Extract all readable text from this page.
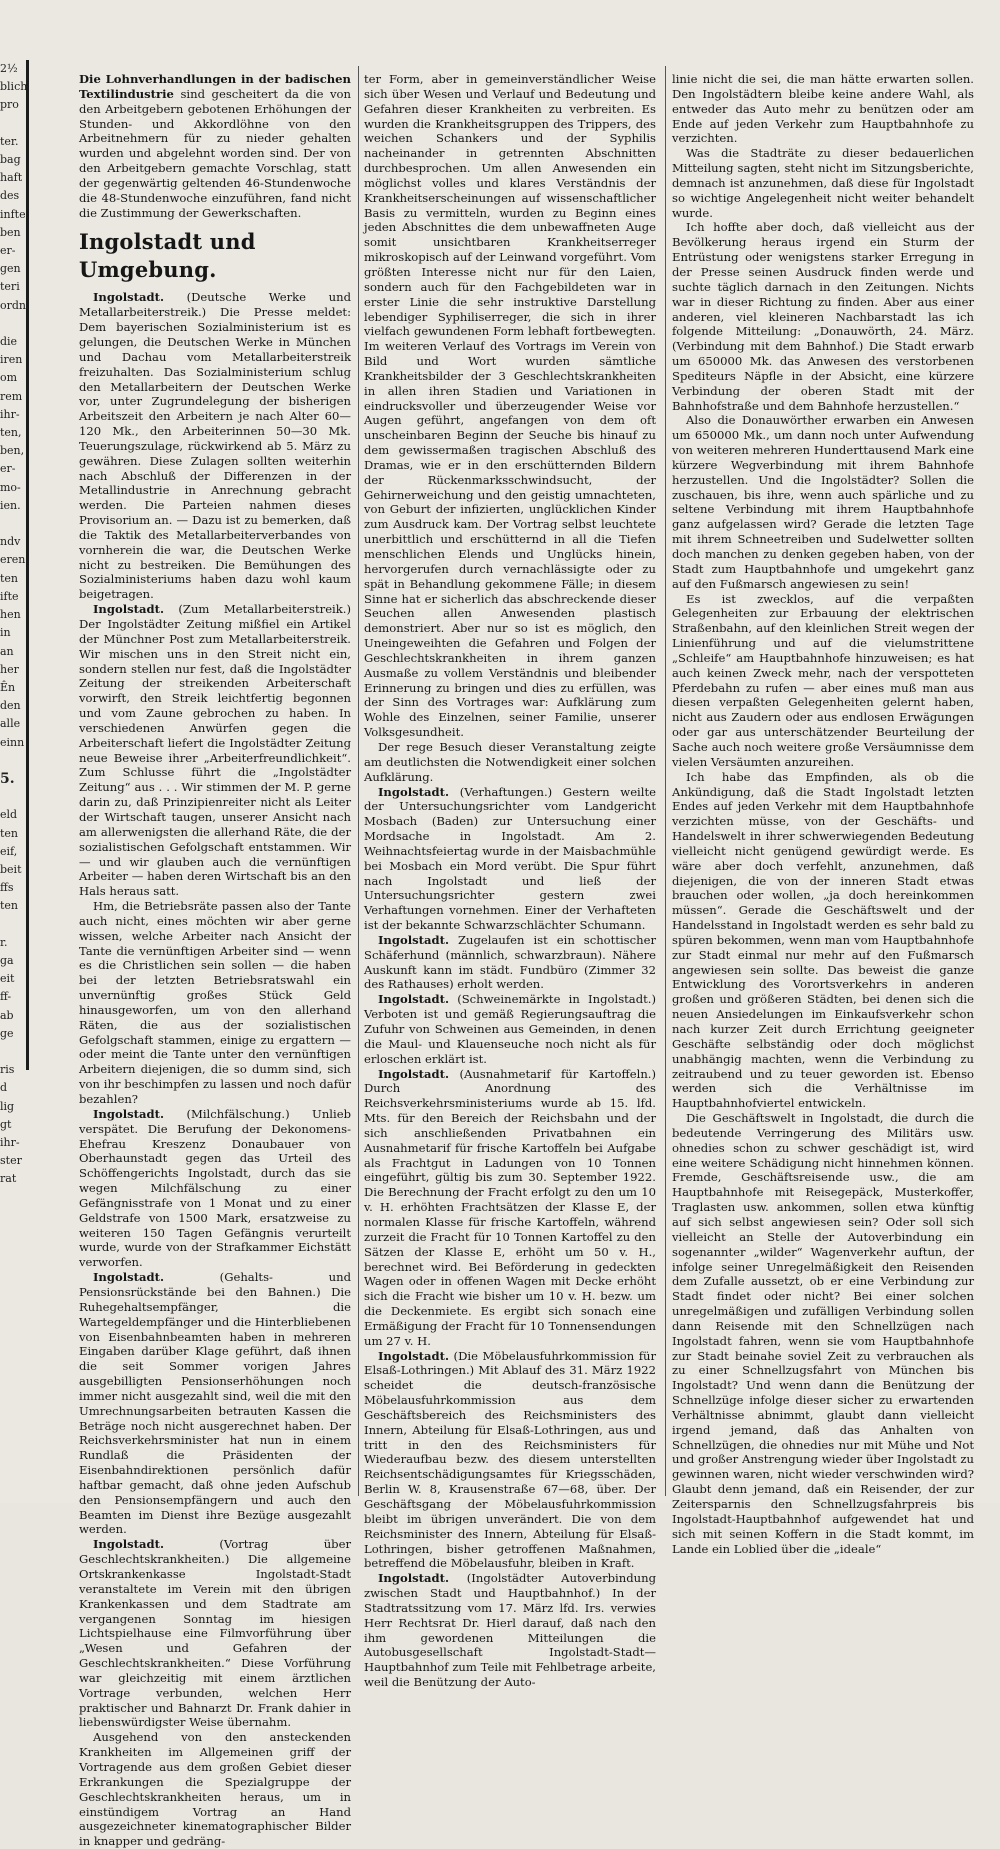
2½
blich
pro

ter.
bag
haft
des
infte
ben
er-
gen
teri
ordn.

die
iren
om
rem
ihr-
ten,
ben,
er-
mo-
ien.

ndv
eren
ten
ifte
hen
in
an
her
Ên
den
alle
einn

5.

eld
ten
eif,
beit
ffs
ten

r.
ga
eit
ff-
ab
ge

ris
d
lig
gt
ihr-
ster
rat

Die Lohnverhandlungen in der badischen Textilindustrie sind gescheitert da die von den Arbeitgebern gebotenen Erhöhungen der Stunden- und Akkordlöhne von den Arbeitnehmern für zu nieder gehalten wurden und abgelehnt worden sind. Der von den Arbeitgebern gemachte Vorschlag, statt der gegenwärtig geltenden 46-Stundenwoche die 48-Stundenwoche einzuführen, fand nicht die Zustimmung der Gewerkschaften.

Ingolstadt und Umgebung.

Ingolstadt. (Deutsche Werke und Metallarbeiterstreik.) Die Presse meldet: Dem bayerischen Sozialministerium ist es gelungen, die Deutschen Werke in München und Dachau vom Metallarbeiterstreik freizuhalten. Das Sozialministerium schlug den Metallarbeitern der Deutschen Werke vor, unter Zugrundelegung der bisherigen Arbeitszeit den Arbeitern je nach Alter 60—120 Mk., den Arbeiterinnen 50—30 Mk. Teuerungszulage, rückwirkend ab 5. März zu gewähren. Diese Zulagen sollten weiterhin nach Abschluß der Differenzen in der Metallindustrie in Anrechnung gebracht werden. Die Parteien nahmen dieses Provisorium an. — Dazu ist zu bemerken, daß die Taktik des Metallarbeiterverbandes von vornherein die war, die Deutschen Werke nicht zu bestreiken. Die Bemühungen des Sozialministeriums haben dazu wohl kaum beigetragen.

Ingolstadt. (Zum Metallarbeiterstreik.) Der Ingolstädter Zeitung mißfiel ein Artikel der Münchner Post zum Metallarbeiterstreik. Wir mischen uns in den Streit nicht ein, sondern stellen nur fest, daß die Ingolstädter Zeitung der streikenden Arbeiterschaft vorwirft, den Streik leichtfertig begonnen und vom Zaune gebrochen zu haben. In verschiedenen Anwürfen gegen die Arbeiterschaft liefert die Ingolstädter Zeitung neue Beweise ihrer „Arbeiterfreundlichkeit“. Zum Schlusse führt die „Ingolstädter Zeitung“ aus . . . Wir stimmen der M. P. gerne darin zu, daß Prinzipienreiter nicht als Leiter der Wirtschaft taugen, unserer Ansicht nach am allerwenigsten die allerhand Räte, die der sozialistischen Gefolgschaft entstammen. Wir — und wir glauben auch die vernünftigen Arbeiter — haben deren Wirtschaft bis an den Hals heraus satt.

Hm, die Betriebsräte passen also der Tante auch nicht, eines möchten wir aber gerne wissen, welche Arbeiter nach Ansicht der Tante die vernünftigen Arbeiter sind — wenn es die Christlichen sein sollen — die haben bei der letzten Betriebsratswahl ein unvernünftig großes Stück Geld hinausgeworfen, um von den allerhand Räten, die aus der sozialistischen Gefolgschaft stammen, einige zu ergattern — oder meint die Tante unter den vernünftigen Arbeitern diejenigen, die so dumm sind, sich von ihr beschimpfen zu lassen und noch dafür bezahlen?

Ingolstadt. (Milchfälschung.) Unlieb verspätet. Die Berufung der Dekonomens-Ehefrau Kreszenz Donaubauer von Oberhaunstadt gegen das Urteil des Schöffengerichts Ingolstadt, durch das sie wegen Milchfälschung zu einer Gefängnisstrafe von 1 Monat und zu einer Geldstrafe von 1500 Mark, ersatzweise zu weiteren 150 Tagen Gefängnis verurteilt wurde, wurde von der Strafkammer Eichstätt verworfen.

Ingolstadt. (Gehalts- und Pensionsrückstände bei den Bahnen.) Die Ruhegehaltsempfänger, die Wartegeldempfänger und die Hinterbliebenen von Eisenbahnbeamten haben in mehreren Eingaben darüber Klage geführt, daß ihnen die seit Sommer vorigen Jahres ausgebilligten Pensionserhöhungen noch immer nicht ausgezahlt sind, weil die mit den Umrechnungsarbeiten betrauten Kassen die Beträge noch nicht ausgerechnet haben. Der Reichsverkehrsminister hat nun in einem Rundlaß die Präsidenten der Eisenbahndirektionen persönlich dafür haftbar gemacht, daß ohne jeden Aufschub den Pensionsempfängern und auch den Beamten im Dienst ihre Bezüge ausgezahlt werden.

Ingolstadt. (Vortrag über Geschlechtskrankheiten.) Die allgemeine Ortskrankenkasse Ingolstadt-Stadt veranstaltete im Verein mit den übrigen Krankenkassen und dem Stadtrate am vergangenen Sonntag im hiesigen Lichtspielhause eine Filmvorführung über „Wesen und Gefahren der Geschlechtskrankheiten.“ Diese Vorführung war gleichzeitig mit einem ärztlichen Vortrage verbunden, welchen Herr praktischer und Bahnarzt Dr. Frank dahier in liebenswürdigster Weise übernahm.

Ausgehend von den ansteckenden Krankheiten im Allgemeinen griff der Vortragende aus dem großen Gebiet dieser Erkrankungen die Spezialgruppe der Geschlechtskrankheiten heraus, um in einstündigem Vortrag an Hand ausgezeichneter kinematographischer Bilder in knapper und gedräng-

ter Form, aber in gemeinverständlicher Weise sich über Wesen und Verlauf und Bedeutung und Gefahren dieser Krankheiten zu verbreiten. Es wurden die Krankheitsgruppen des Trippers, des weichen Schankers und der Syphilis nacheinander in getrennten Abschnitten durchbesprochen. Um allen Anwesenden ein möglichst volles und klares Verständnis der Krankheitserscheinungen auf wissenschaftlicher Basis zu vermitteln, wurden zu Beginn eines jeden Abschnittes die dem unbewaffneten Auge somit unsichtbaren Krankheitserreger mikroskopisch auf der Leinwand vorgeführt. Vom größten Interesse nicht nur für den Laien, sondern auch für den Fachgebildeten war in erster Linie die sehr instruktive Darstellung lebendiger Syphiliserreger, die sich in ihrer vielfach gewundenen Form lebhaft fortbewegten. Im weiteren Verlauf des Vortrags im Verein von Bild und Wort wurden sämtliche Krankheitsbilder der 3 Geschlechtskrankheiten in allen ihren Stadien und Variationen in eindrucksvoller und überzeugender Weise vor Augen geführt, angefangen von dem oft unscheinbaren Beginn der Seuche bis hinauf zu dem gewissermaßen tragischen Abschluß des Dramas, wie er in den erschütternden Bildern der Rückenmarksschwindsucht, der Gehirnerweichung und den geistig umnachteten, von Geburt der infizierten, unglücklichen Kinder zum Ausdruck kam. Der Vortrag selbst leuchtete unerbittlich und erschütternd in all die Tiefen menschlichen Elends und Unglücks hinein, hervorgerufen durch vernachlässigte oder zu spät in Behandlung gekommene Fälle; in diesem Sinne hat er sicherlich das abschreckende dieser Seuchen allen Anwesenden plastisch demonstriert. Aber nur so ist es möglich, den Uneingeweihten die Gefahren und Folgen der Geschlechtskrankheiten in ihrem ganzen Ausmaße zu vollem Verständnis und bleibender Erinnerung zu bringen und dies zu erfüllen, was der Sinn des Vortrages war: Aufklärung zum Wohle des Einzelnen, seiner Familie, unserer Volksgesundheit.

Der rege Besuch dieser Veranstaltung zeigte am deutlichsten die Notwendigkeit einer solchen Aufklärung.

Ingolstadt. (Verhaftungen.) Gestern weilte der Untersuchungsrichter vom Landgericht Mosbach (Baden) zur Untersuchung einer Mordsache in Ingolstadt. Am 2. Weihnachtsfeiertag wurde in der Maisbachmühle bei Mosbach ein Mord verübt. Die Spur führt nach Ingolstadt und ließ der Untersuchungsrichter gestern zwei Verhaftungen vornehmen. Einer der Verhafteten ist der bekannte Schwarzschlächter Schumann.

Ingolstadt. Zugelaufen ist ein schottischer Schäferhund (männlich, schwarzbraun). Nähere Auskunft kann im städt. Fundbüro (Zimmer 32 des Rathauses) erholt werden.

Ingolstadt. (Schweinemärkte in Ingolstadt.) Verboten ist und gemäß Regierungsauftrag die Zufuhr von Schweinen aus Gemeinden, in denen die Maul- und Klauenseuche noch nicht als für erloschen erklärt ist.

Ingolstadt. (Ausnahmetarif für Kartoffeln.) Durch Anordnung des Reichsverkehrsministeriums wurde ab 15. lfd. Mts. für den Bereich der Reichsbahn und der sich anschließenden Privatbahnen ein Ausnahmetarif für frische Kartoffeln bei Aufgabe als Frachtgut in Ladungen von 10 Tonnen eingeführt, gültig bis zum 30. September 1922. Die Berechnung der Fracht erfolgt zu den um 10 v. H. erhöhten Frachtsätzen der Klasse E, der normalen Klasse für frische Kartoffeln, während zurzeit die Fracht für 10 Tonnen Kartoffel zu den Sätzen der Klasse E, erhöht um 50 v. H., berechnet wird. Bei Beförderung in gedeckten Wagen oder in offenen Wagen mit Decke erhöht sich die Fracht wie bisher um 10 v. H. bezw. um die Deckenmiete. Es ergibt sich sonach eine Ermäßigung der Fracht für 10 Tonnensendungen um 27 v. H.

Ingolstadt. (Die Möbelausfuhrkommission für Elsaß-Lothringen.) Mit Ablauf des 31. März 1922 scheidet die deutsch-französische Möbelausfuhrkommission aus dem Geschäftsbereich des Reichsministers des Innern, Abteilung für Elsaß-Lothringen, aus und tritt in den des Reichsministers für Wiederaufbau bezw. des diesem unterstellten Reichsentschädigungsamtes für Kriegsschäden, Berlin W. 8, Krausenstraße 67—68, über. Der Geschäftsgang der Möbelausfuhrkommission bleibt im übrigen unverändert. Die von dem Reichsminister des Innern, Abteilung für Elsaß-Lothringen, bisher getroffenen Maßnahmen, betreffend die Möbelausfuhr, bleiben in Kraft.

Ingolstadt. (Ingolstädter Autoverbindung zwischen Stadt und Hauptbahnhof.) In der Stadtratssitzung vom 17. März lfd. Irs. verwies Herr Rechtsrat Dr. Hierl darauf, daß nach den ihm gewordenen Mitteilungen die Autobusgesellschaft Ingolstadt-Stadt—Hauptbahnhof zum Teile mit Fehlbetrage arbeite, weil die Benützung der Auto-

linie nicht die sei, die man hätte erwarten sollen. Den Ingolstädtern bleibe keine andere Wahl, als entweder das Auto mehr zu benützen oder am Ende auf jeden Verkehr zum Hauptbahnhofe zu verzichten.

Was die Stadträte zu dieser bedauerlichen Mitteilung sagten, steht nicht im Sitzungsberichte, demnach ist anzunehmen, daß diese für Ingolstadt so wichtige Angelegenheit nicht weiter behandelt wurde.

Ich hoffte aber doch, daß vielleicht aus der Bevölkerung heraus irgend ein Sturm der Entrüstung oder wenigstens starker Erregung in der Presse seinen Ausdruck finden werde und suchte täglich darnach in den Zeitungen. Nichts war in dieser Richtung zu finden. Aber aus einer anderen, viel kleineren Nachbarstadt las ich folgende Mitteilung: „Donauwörth, 24. März. (Verbindung mit dem Bahnhof.) Die Stadt erwarb um 650000 Mk. das Anwesen des verstorbenen Spediteurs Näpfle in der Absicht, eine kürzere Verbindung der oberen Stadt mit der Bahnhofstraße und dem Bahnhofe herzustellen.“

Also die Donauwörther erwarben ein Anwesen um 650000 Mk., um dann noch unter Aufwendung von weiteren mehreren Hunderttausend Mark eine kürzere Wegverbindung mit ihrem Bahnhofe herzustellen. Und die Ingolstädter? Sollen die zuschauen, bis ihre, wenn auch spärliche und zu seltene Verbindung mit ihrem Hauptbahnhofe ganz aufgelassen wird? Gerade die letzten Tage mit ihrem Schneetreiben und Sudelwetter sollten doch manchen zu denken gegeben haben, von der Stadt zum Hauptbahnhofe und umgekehrt ganz auf den Fußmarsch angewiesen zu sein!

Es ist zwecklos, auf die verpaßten Gelegenheiten zur Erbauung der elektrischen Straßenbahn, auf den kleinlichen Streit wegen der Linienführung und auf die vielumstrittene „Schleife“ am Hauptbahnhofe hinzuweisen; es hat auch keinen Zweck mehr, nach der verspotteten Pferdebahn zu rufen — aber eines muß man aus diesen verpaßten Gelegenheiten gelernt haben, nicht aus Zaudern oder aus endlosen Erwägungen oder gar aus unterschätzender Beurteilung der Sache auch noch weitere große Versäumnisse dem vielen Versäumten anzureihen.

Ich habe das Empfinden, als ob die Ankündigung, daß die Stadt Ingolstadt letzten Endes auf jeden Verkehr mit dem Hauptbahnhofe verzichten müsse, von der Geschäfts- und Handelswelt in ihrer schwerwiegenden Bedeutung vielleicht nicht genügend gewürdigt werde. Es wäre aber doch verfehlt, anzunehmen, daß diejenigen, die von der inneren Stadt etwas brauchen oder wollen, „ja doch hereinkommen müssen“. Gerade die Geschäftswelt und der Handelsstand in Ingolstadt werden es sehr bald zu spüren bekommen, wenn man vom Hauptbahnhofe zur Stadt einmal nur mehr auf den Fußmarsch angewiesen sein sollte. Das beweist die ganze Entwicklung des Vorortsverkehrs in anderen großen und größeren Städten, bei denen sich die neuen Ansiedelungen im Einkaufsverkehr schon nach kurzer Zeit durch Errichtung geeigneter Geschäfte selbständig oder doch möglichst unabhängig machten, wenn die Verbindung zu zeitraubend und zu teuer geworden ist. Ebenso werden sich die Verhältnisse im Hauptbahnhofviertel entwickeln.

Die Geschäftswelt in Ingolstadt, die durch die bedeutende Verringerung des Militärs usw. ohnedies schon zu schwer geschädigt ist, wird eine weitere Schädigung nicht hinnehmen können. Fremde, Geschäftsreisende usw., die am Hauptbahnhofe mit Reisegepäck, Musterkoffer, Traglasten usw. ankommen, sollen etwa künftig auf sich selbst angewiesen sein? Oder soll sich vielleicht an Stelle der Autoverbindung ein sogenannter „wilder“ Wagenverkehr auftun, der infolge seiner Unregelmäßigkeit den Reisenden dem Zufalle aussetzt, ob er eine Verbindung zur Stadt findet oder nicht? Bei einer solchen unregelmäßigen und zufälligen Verbindung sollen dann Reisende mit den Schnellzügen nach Ingolstadt fahren, wenn sie vom Hauptbahnhofe zur Stadt beinahe soviel Zeit zu verbrauchen als zu einer Schnellzugsfahrt von München bis Ingolstadt? Und wenn dann die Benützung der Schnellzüge infolge dieser sicher zu erwartenden Verhältnisse abnimmt, glaubt dann vielleicht irgend jemand, daß das Anhalten von Schnellzügen, die ohnedies nur mit Mühe und Not und großer Anstrengung wieder über Ingolstadt zu gewinnen waren, nicht wieder verschwinden wird? Glaubt denn jemand, daß ein Reisender, der zur Zeitersparnis den Schnellzugsfahrpreis bis Ingolstadt-Hauptbahnhof aufgewendet hat und sich mit seinen Koffern in die Stadt kommt, im Lande ein Loblied über die „ideale“
